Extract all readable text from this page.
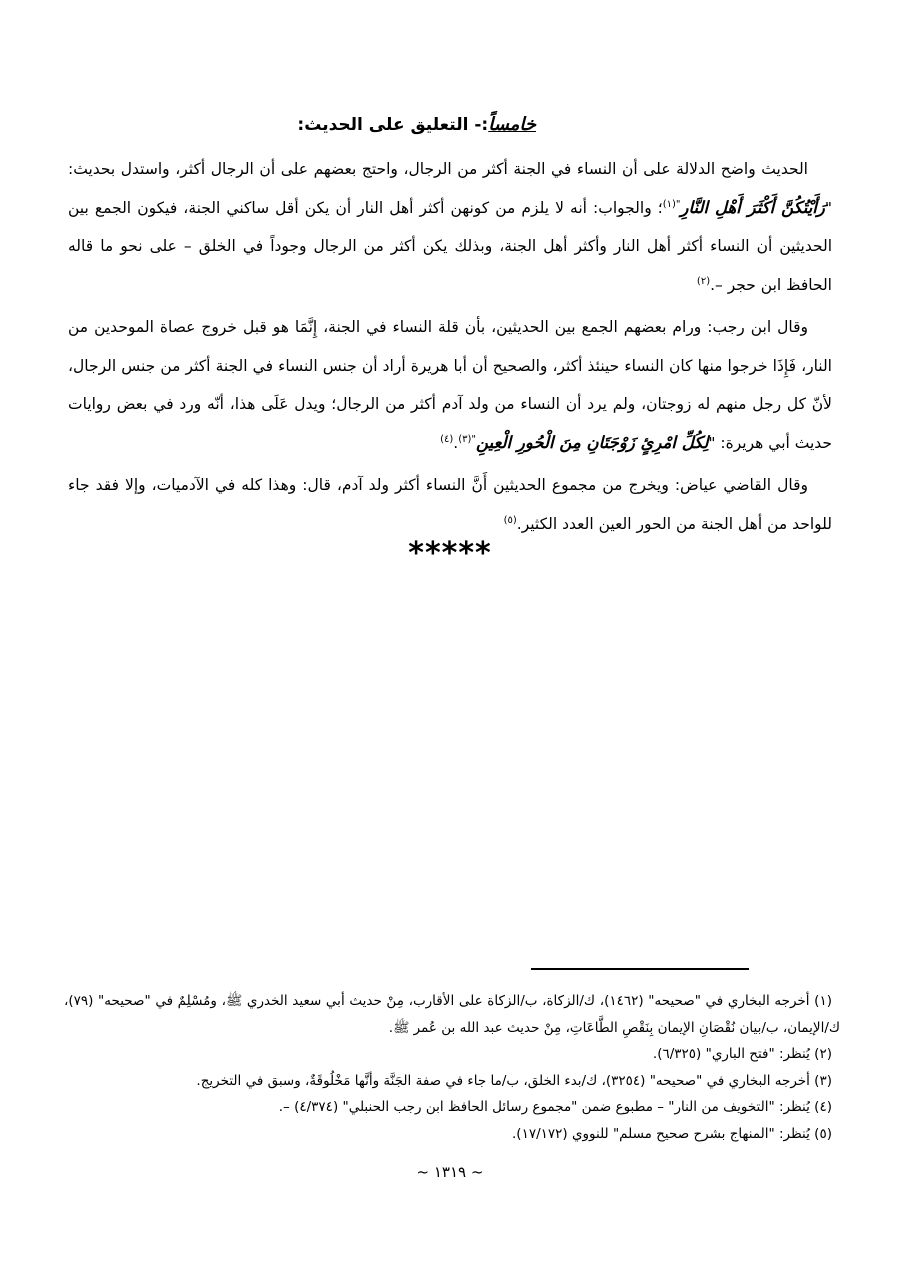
خامساً:- التعليق على الحديث:

الحديث واضح الدلالة على أن النساء في الجنة أكثر من الرجال، واحتج بعضهم على أن الرجال أكثر، واستدل بحديث: "رَأَيْتُكُنَّ أَكْثَرَ أَهْلِ النَّارِ$^{"(١)}$؛ والجواب: أنه لا يلزم من كونهن أكثر أهل النار أن يكن أقل ساكني الجنة، فيكون الجمع بين الحديثين أن النساء أكثر أهل النار وأكثر أهل الجنة، وبذلك يكن أكثر من الرجال وجوداً في الخلق – على نحو ما قاله الحافظ ابن حجر –.$^{(٢)}$

وقال ابن رجب: ورام بعضهم الجمع بين الحديثين، بأن قلة النساء في الجنة، إِنَّمَا هو قبل خروج عصاة الموحدين من النار، فَإِذَا خرجوا منها كان النساء حينئذ أكثر، والصحيح أن أبا هريرة أراد أن جنس النساء في الجنة أكثر من جنس الرجال، لأنّ كل رجل منهم له زوجتان، ولم يرد أن النساء من ولد آدم أكثر من الرجال؛ ويدل عَلَى هذا، أنّه ورد في بعض روايات حديث أبي هريرة: "لِكُلِّ امْرِئٍ زَوْجَتَانِ مِنَ الْحُورِ الْعِينِ$^{"(٣)}$.$^{(٤)}$

وقال القاضي عياض: ويخرج من مجموع الحديثين أَنَّ النساء أكثر ولد آدم، قال: وهذا كله في الآدميات، وإلا فقد جاء للواحد من أهل الجنة من الحور العين العدد الكثير.$^{(٥)}$

*****

(١) أخرجه البخاري في "صحيحه" (١٤٦٢)، ك/الزكاة، ب/الزكاة على الأقارب، مِنْ حديث أبي سعيد الخدري ﷺ، ومُسْلِمٌ في "صحيحه" (٧٩)، ك/الإيمان، ب/بيان نُقْصَانِ الإيمان بِنَقْصِ الطَّاعَاتِ، مِنْ حديث عبد الله بن عُمر ﷺ.

(٢) يُنظر: "فتح الباري" (٦/٣٢٥).

(٣) أخرجه البخاري في "صحيحه" (٣٢٥٤)، ك/بدء الخلق، ب/ما جاء في صفة الجَنَّة وأنَّها مَخْلُوقَةٌ، وسبق في التخريج.

(٤) يُنظر: "التخويف من النار" – مطبوع ضمن "مجموع رسائل الحافظ ابن رجب الحنبلي" (٤/٣٧٤) –.

(٥) يُنظر: "المنهاج بشرح صحيح مسلم" للنووي (١٧/١٧٢).

~ ١٣١٩ ~
